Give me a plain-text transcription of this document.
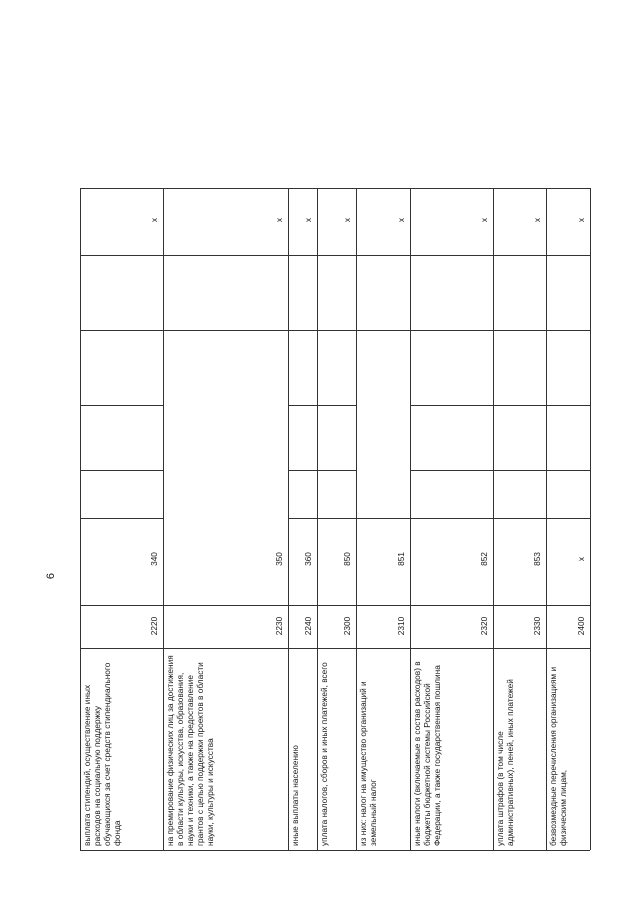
6
выплата стипендий, осуществление иных расходов на социальную поддержку обучающихся за счет средств стипендиального фонда
2220
340
x
на премирование физических лиц за достижения в области культуры, искусства, образования, науки и техники, а также на предоставление грантов с целью поддержки проектов в области науки, культуры и искусства
2230
350
x
иные выплаты населению
2240
360
x
уплата налогов, сборов и иных платежей, всего
2300
850
x
из них: налог на имущество организаций и земельный налог
2310
851
x
иные налоги (включаемые в состав расходов) в бюджеты бюджетной системы Российской Федерации, а также государственная пошлина
2320
852
x
уплата штрафов (в том числе административных), пеней, иных платежей
2330
853
x
безвозмездные перечисления организациям и физическим лицам,
2400
x
x
